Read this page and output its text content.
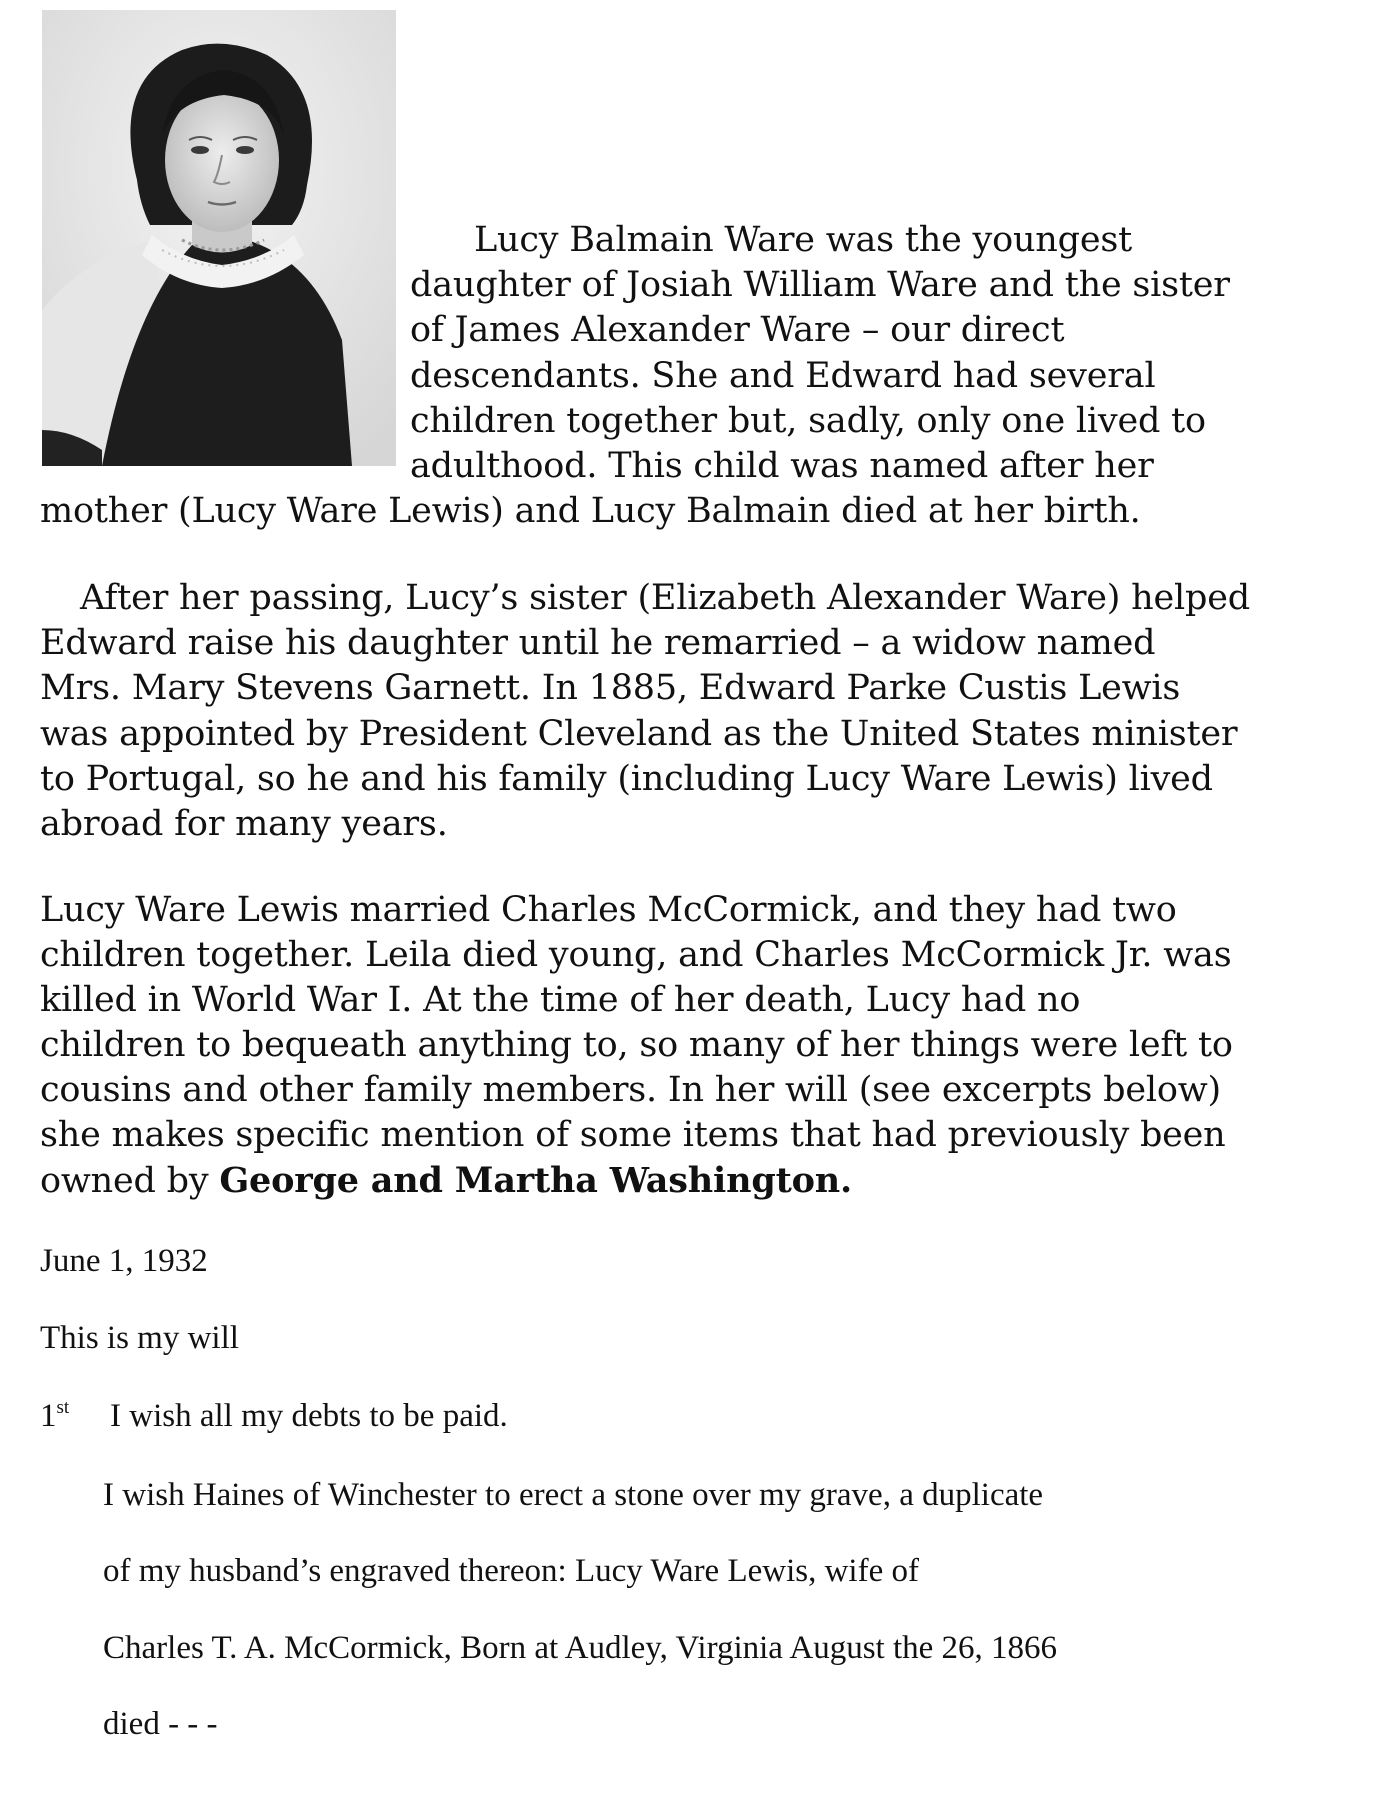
Lucy Balmain Ware was the youngest
daughter of Josiah William Ware and the sister
of James Alexander Ware – our direct
descendants. She and Edward had several
children together but, sadly, only one lived to
adulthood. This child was named after her
mother (Lucy Ware Lewis) and Lucy Balmain died at her birth.
After her passing, Lucy’s sister (Elizabeth Alexander Ware) helped
Edward raise his daughter until he remarried – a widow named
Mrs. Mary Stevens Garnett. In 1885, Edward Parke Custis Lewis
was appointed by President Cleveland as the United States minister
to Portugal, so he and his family (including Lucy Ware Lewis) lived
abroad for many years.
Lucy Ware Lewis married Charles McCormick, and they had two
children together. Leila died young, and Charles McCormick Jr. was
killed in World War I. At the time of her death, Lucy had no
children to bequeath anything to, so many of her things were left to
cousins and other family members. In her will (see excerpts below)
she makes specific mention of some items that had previously been
owned by George and Martha Washington.
June 1, 1932
This is my will
1st I wish all my debts to be paid.
I wish Haines of Winchester to erect a stone over my grave, a duplicate
of my husband’s engraved thereon: Lucy Ware Lewis, wife of
Charles T. A. McCormick, Born at Audley, Virginia August the 26, 1866
died - - -
